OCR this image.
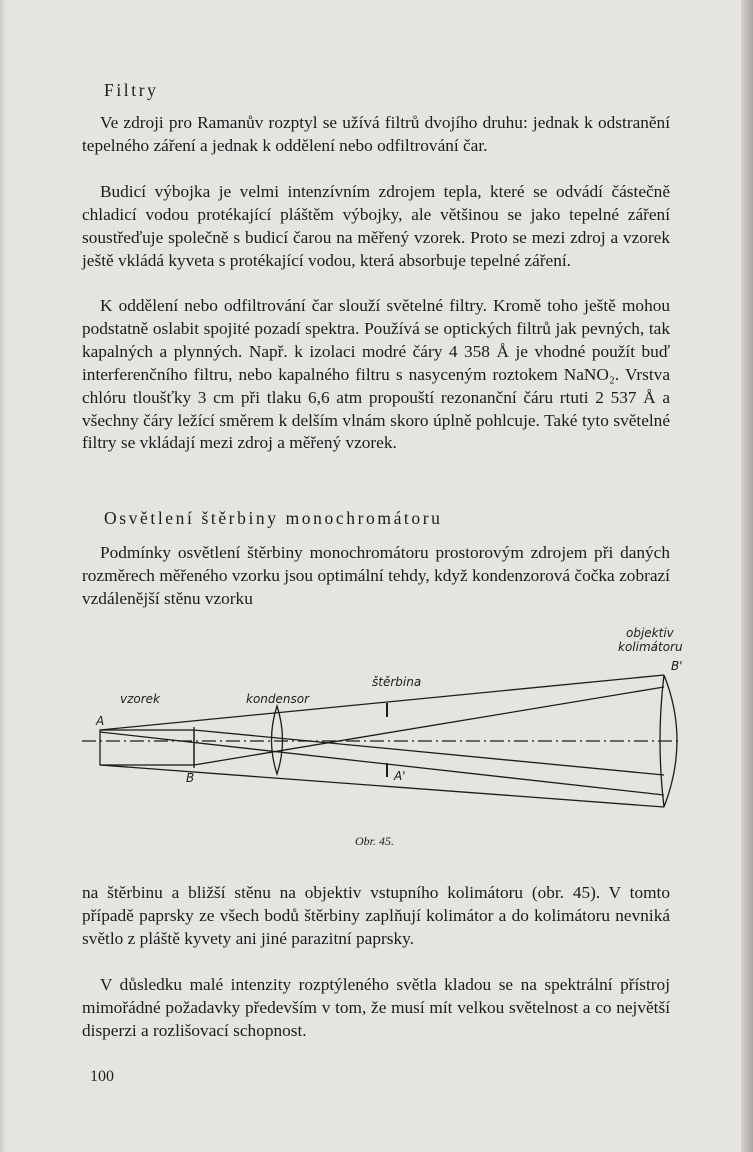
Filtry

Ve zdroji pro Ramanův rozptyl se užívá filtrů dvojího druhu: jednak k odstranění tepelného záření a jednak k oddělení nebo odfiltrování čar.

Budicí výbojka je velmi intenzívním zdrojem tepla, které se odvádí částečně chladicí vodou protékající pláštěm výbojky, ale většinou se jako tepelné záření soustřeďuje společně s budicí čarou na měřený vzorek. Proto se mezi zdroj a vzorek ještě vkládá kyveta s protékající vodou, která absorbuje tepelné záření.

K oddělení nebo odfiltrování čar slouží světelné filtry. Kromě toho ještě mohou podstatně oslabit spojité pozadí spektra. Používá se optických filtrů jak pevných, tak kapalných a plynných. Např. k izolaci modré čáry 4 358 Å je vhodné použít buď interferenčního filtru, nebo kapalného filtru s nasyceným roztokem NaNO₂. Vrstva chlóru tloušťky 3 cm při tlaku 6,6 atm propouští rezonanční čáru rtuti 2 537 Å a všechny čáry ležící směrem k delším vlnám skoro úplně pohlcuje. Také tyto světelné filtry se vkládají mezi zdroj a měřený vzorek.

Osvětlení štěrbiny monochromátoru

Podmínky osvětlení štěrbiny monochromátoru prostorovým zdrojem při daných rozměrech měřeného vzorku jsou optimální tehdy, když kondenzorová čočka zobrazí vzdálenější stěnu vzorku

objektiv
kolimátoru
B'
štěrbina
vzorek	kondensor
A
B	A'
Obr. 45.

na štěrbinu a bližší stěnu na objektiv vstupního kolimátoru (obr. 45). V tomto případě paprsky ze všech bodů štěrbiny zaplňují kolimátor a do kolimátoru nevniká světlo z pláště kyvety ani jiné parazitní paprsky.

V důsledku malé intenzity rozptýleného světla kladou se na spektrální přístroj mimořádné požadavky především v tom, že musí mít velkou světelnost a co největší disperzi a rozlišovací schopnost.

100
